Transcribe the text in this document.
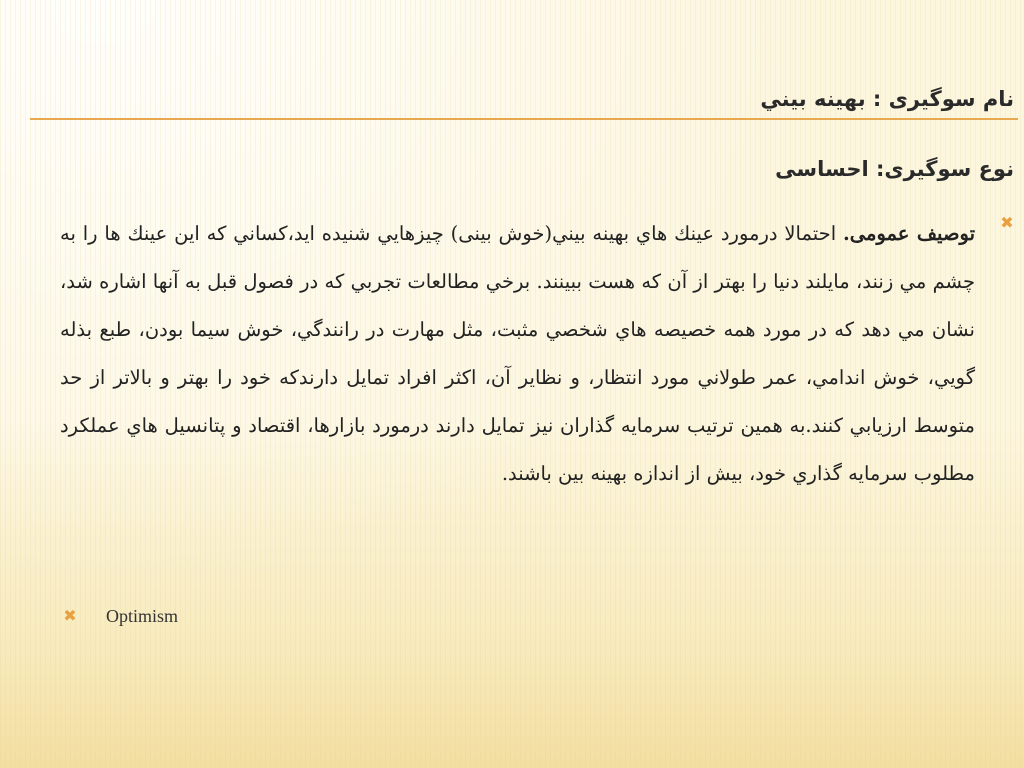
نام سوگیری : بهینه بيني
نوع سوگیری: احساسی
✖
توصیف عمومی. احتمالا درمورد عينك هاي بهينه بيني(خوش بینی) چيزهايي شنيده ايد،کساني که اين عينك ها را به چشم مي زنند، مايلند دنيا را بهتر از آن كه هست ببينند. برخي مطالعات تجربي كه در فصول قبل به آنها اشاره شد، نشان مي دهد كه در مورد همه خصيصه هاي شخصي مثبت، مثل مهارت در رانندگي، خوش سيما بودن، طبع بذله گويي، خوش اندامي، عمر طولاني مورد انتظار، و نظاير آن، اكثر افراد تمايل دارندكه خود را بهتر و بالاتر از حد متوسط ارزيابي كنند.به همین ترتیب سرمايه گذاران نيز تمايل دارند درمورد بازارها، اقتصاد و پتانسيل هاي عملكرد مطلوب سرمايه گذاري خود، بيش از اندازه بهينه بين باشند.
✖ Optimism
